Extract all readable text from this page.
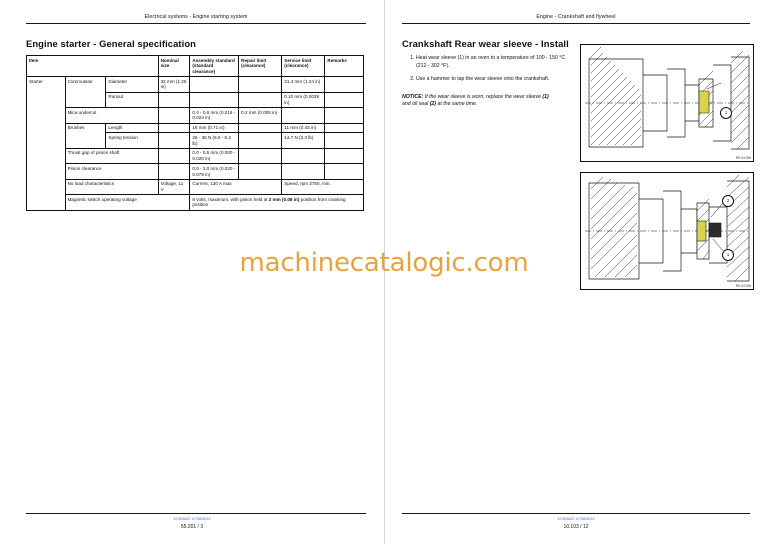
Electrical systems - Engine starting system
Engine starter - General specification
Item			Nominal size	Assembly standard (standard clearance)	Repair limit (clearance)	Service limit (clearance)	Remarks
Starter	Commutator	Diameter	32 mm (1.26 in)			31.4 mm (1.24 in)	
		Runout				0.10 mm (0.0039 in)	
	Mica undercut			0.4 - 0.6 mm (0.016 - 0.024 in)	0.2 mm (0.008 in)		
	Brushes	Length		18 mm (0.71 in)		11 mm (0.43 in)	
		Spring tension		26 - 36 N (6.0 - 8.2 lb)		14.7 N (3.3 lb)	
	Thrust gap of pinion shaft			0.0 - 0.5 mm (0.000 - 0.020 in)			
	Pinion clearance			0.5 - 2.0 mm (0.020 - 0.079 in)			
	No load characteristics		Voltage, 11 V	Current, 130 A max		Speed, rpm 3750, min.	
	Magnetic switch operating voltage			8 volts, maximum, with pinion held at 2 mm (0.08 in) position from cranking position			
47409622 17/08/2012
55.201 / 3
Engine - Crankshaft and flywheel
Crankshaft Rear wear sleeve - Install
1. Heat wear sleeve (1) in an oven to a temperature of 100 - 150 °C (212 - 302 °F).
2. Use a hammer to tap the wear sleeve onto the crankshaft.
NOTICE: If the wear sleeve is worn, replace the wear sleeve (1) and oil seal (2) at the same time.
1
RH.04.096
2
1
RH.04.096
47409622 17/08/2012
10.103 / 12
machinecatalogic.com
